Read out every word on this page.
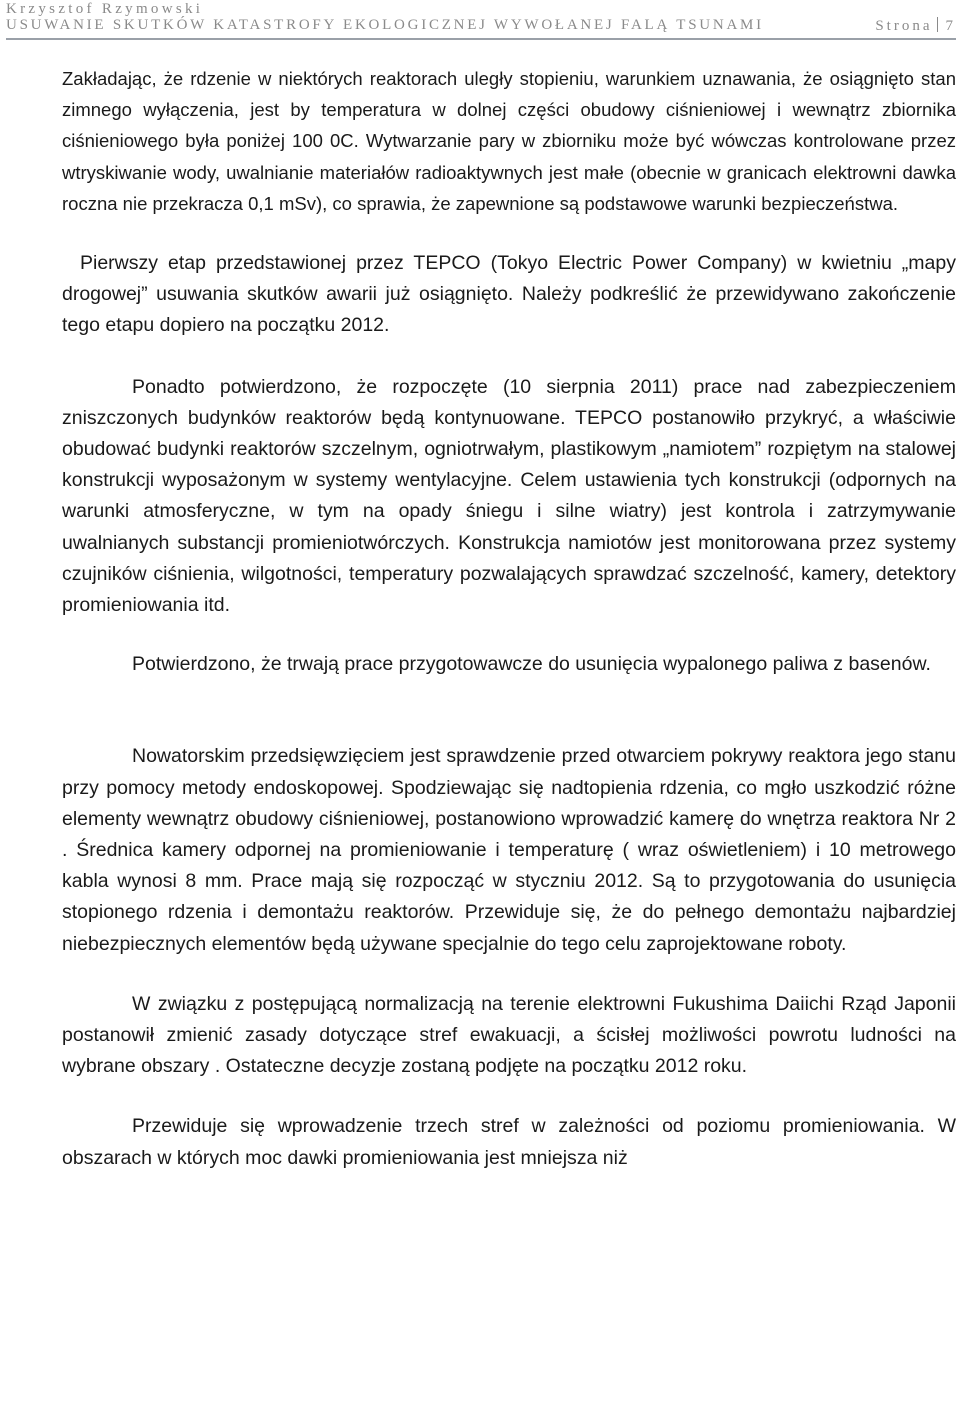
Krzysztof Rzymowski
USUWANIE SKUTKÓW KATASTROFY EKOLOGICZNEJ WYWOŁANEJ FALĄ TSUNAMI	Strona 7

Zakładając, że rdzenie w niektórych reaktorach uległy stopieniu, warunkiem uznawania, że osiągnięto stan zimnego wyłączenia, jest by temperatura w dolnej części obudowy ciśnieniowej i wewnątrz zbiornika ciśnieniowego była poniżej 100 0C. Wytwarzanie pary w zbiorniku może być wówczas kontrolowane przez wtryskiwanie wody, uwalnianie materiałów radioaktywnych jest małe (obecnie w granicach elektrowni dawka roczna nie przekracza 0,1 mSv), co sprawia, że zapewnione są podstawowe warunki bezpieczeństwa.

Pierwszy etap przedstawionej przez TEPCO (Tokyo Electric Power Company) w kwietniu „mapy drogowej” usuwania skutków awarii już osiągnięto. Należy podkreślić że przewidywano zakończenie tego etapu dopiero na początku 2012.

Ponadto potwierdzono, że rozpoczęte (10 sierpnia 2011) prace nad zabezpieczeniem zniszczonych budynków reaktorów będą kontynuowane. TEPCO postanowiło przykryć, a właściwie obudować budynki reaktorów szczelnym, ogniotrwałym, plastikowym „namiotem” rozpiętym na stalowej konstrukcji wyposażonym w systemy wentylacyjne. Celem ustawienia tych konstrukcji (odpornych na warunki atmosferyczne, w tym na opady śniegu i silne wiatry) jest kontrola i zatrzymywanie uwalnianych substancji promieniotwórczych. Konstrukcja namiotów jest monitorowana przez systemy czujników ciśnienia, wilgotności, temperatury pozwalających sprawdzać szczelność, kamery, detektory promieniowania itd.

Potwierdzono, że trwają prace przygotowawcze do usunięcia wypalonego paliwa z basenów.

Nowatorskim przedsięwzięciem jest sprawdzenie przed otwarciem pokrywy reaktora jego stanu przy pomocy metody endoskopowej. Spodziewając się nadtopienia rdzenia, co mgło uszkodzić różne elementy wewnątrz obudowy ciśnieniowej, postanowiono wprowadzić kamerę do wnętrza reaktora Nr 2 . Średnica kamery odpornej na promieniowanie i temperaturę ( wraz oświetleniem) i 10 metrowego kabla wynosi 8 mm. Prace mają się rozpocząć w styczniu 2012. Są to przygotowania do usunięcia stopionego rdzenia i demontażu reaktorów. Przewiduje się, że do pełnego demontażu najbardziej niebezpiecznych elementów będą używane specjalnie do tego celu zaprojektowane roboty.

W związku z postępującą normalizacją na terenie elektrowni Fukushima Daiichi Rząd Japonii postanowił zmienić zasady dotyczące stref ewakuacji, a ścisłej możliwości powrotu ludności na wybrane obszary . Ostateczne decyzje zostaną podjęte na początku 2012 roku.

Przewiduje się wprowadzenie trzech stref w zależności od poziomu promieniowania. W obszarach w których moc dawki promieniowania jest mniejsza niż
